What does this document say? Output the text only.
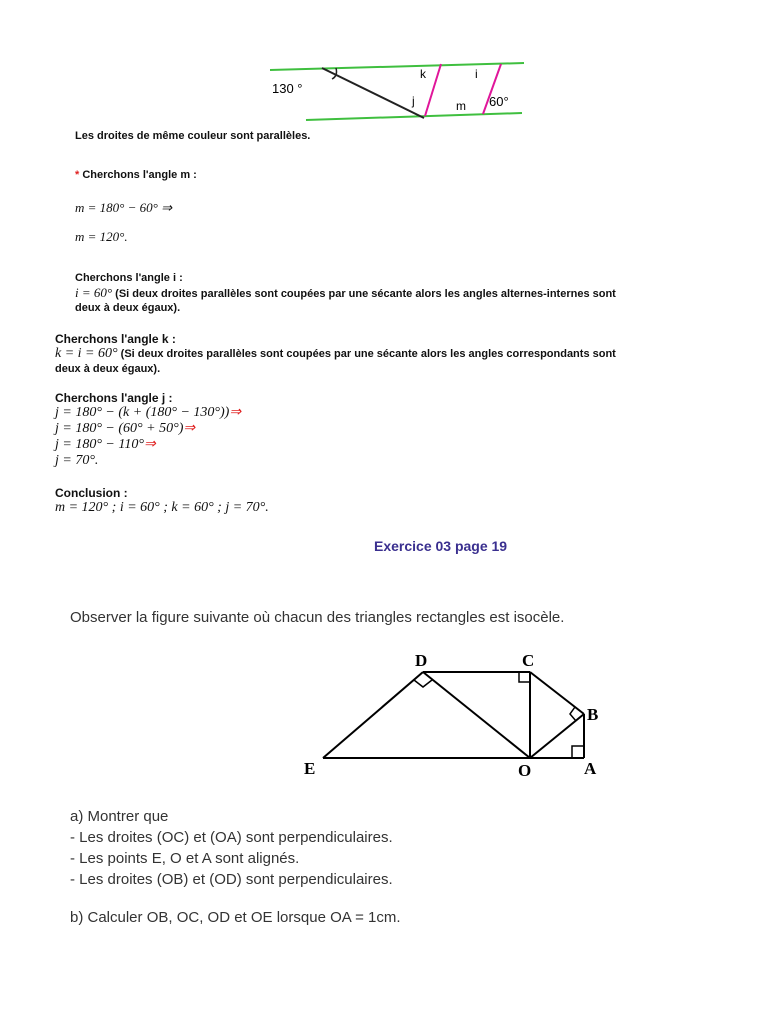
130 °
k	i
j	m 60°
Les droites de même couleur sont parallèles.
* Cherchons l'angle m :
m = 180° − 60° ⇒
m = 120°.
Cherchons l'angle i :
i = 60° (Si deux droites parallèles sont coupées par une sécante alors les angles alternes-internes sont
deux à deux égaux).
Cherchons l'angle k :
k = i = 60° (Si deux droites parallèles sont coupées par une sécante alors les angles correspondants sont
deux à deux égaux).
Cherchons l'angle j :
j = 180° − (k + (180° − 130°))⇒
j = 180° − (60° + 50°)⇒
j = 180° − 110°⇒
j = 70°.
Conclusion :
m = 120° ; i = 60° ; k = 60° ; j = 70°.
Exercice 03 page 19
Observer la figure suivante où chacun des triangles rectangles est isocèle.
D	C
B
E	O	A
a) Montrer que
- Les droites (OC) et (OA) sont perpendiculaires.
- Les points E, O et A sont alignés.
- Les droites (OB) et (OD) sont perpendiculaires.
b) Calculer OB, OC, OD et OE lorsque OA = 1cm.
